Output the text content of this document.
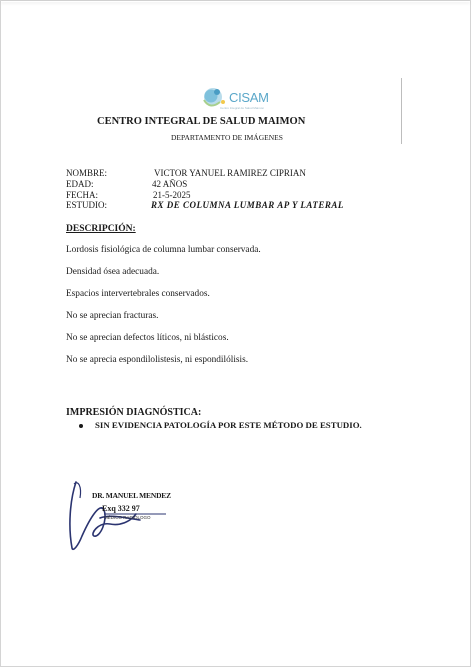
CISAM
Centro Integral de Salud Maimon
CENTRO INTEGRAL DE SALUD MAIMON
DEPARTAMENTO DE IMÁGENES
NOMBRE:	VICTOR YANUEL RAMIREZ CIPRIAN
EDAD:	42 AÑOS
FECHA:	21-5-2025
ESTUDIO:	RX DE COLUMNA LUMBAR AP Y LATERAL
DESCRIPCIÓN:
Lordosis fisiológica de columna lumbar conservada.
Densidad ósea adecuada.
Espacios intervertebrales conservados.
No se aprecian fracturas.
No se aprecian defectos líticos, ni blásticos.
No se aprecia espondilolistesis, ni espondilólisis.
IMPRESIÓN DIAGNÓSTICA:
SIN EVIDENCIA PATOLOGÍA POR ESTE MÉTODO DE ESTUDIO.
DR. MANUEL MENDEZ
Exq 332 97
MÉDICO RADIÓLOGO
